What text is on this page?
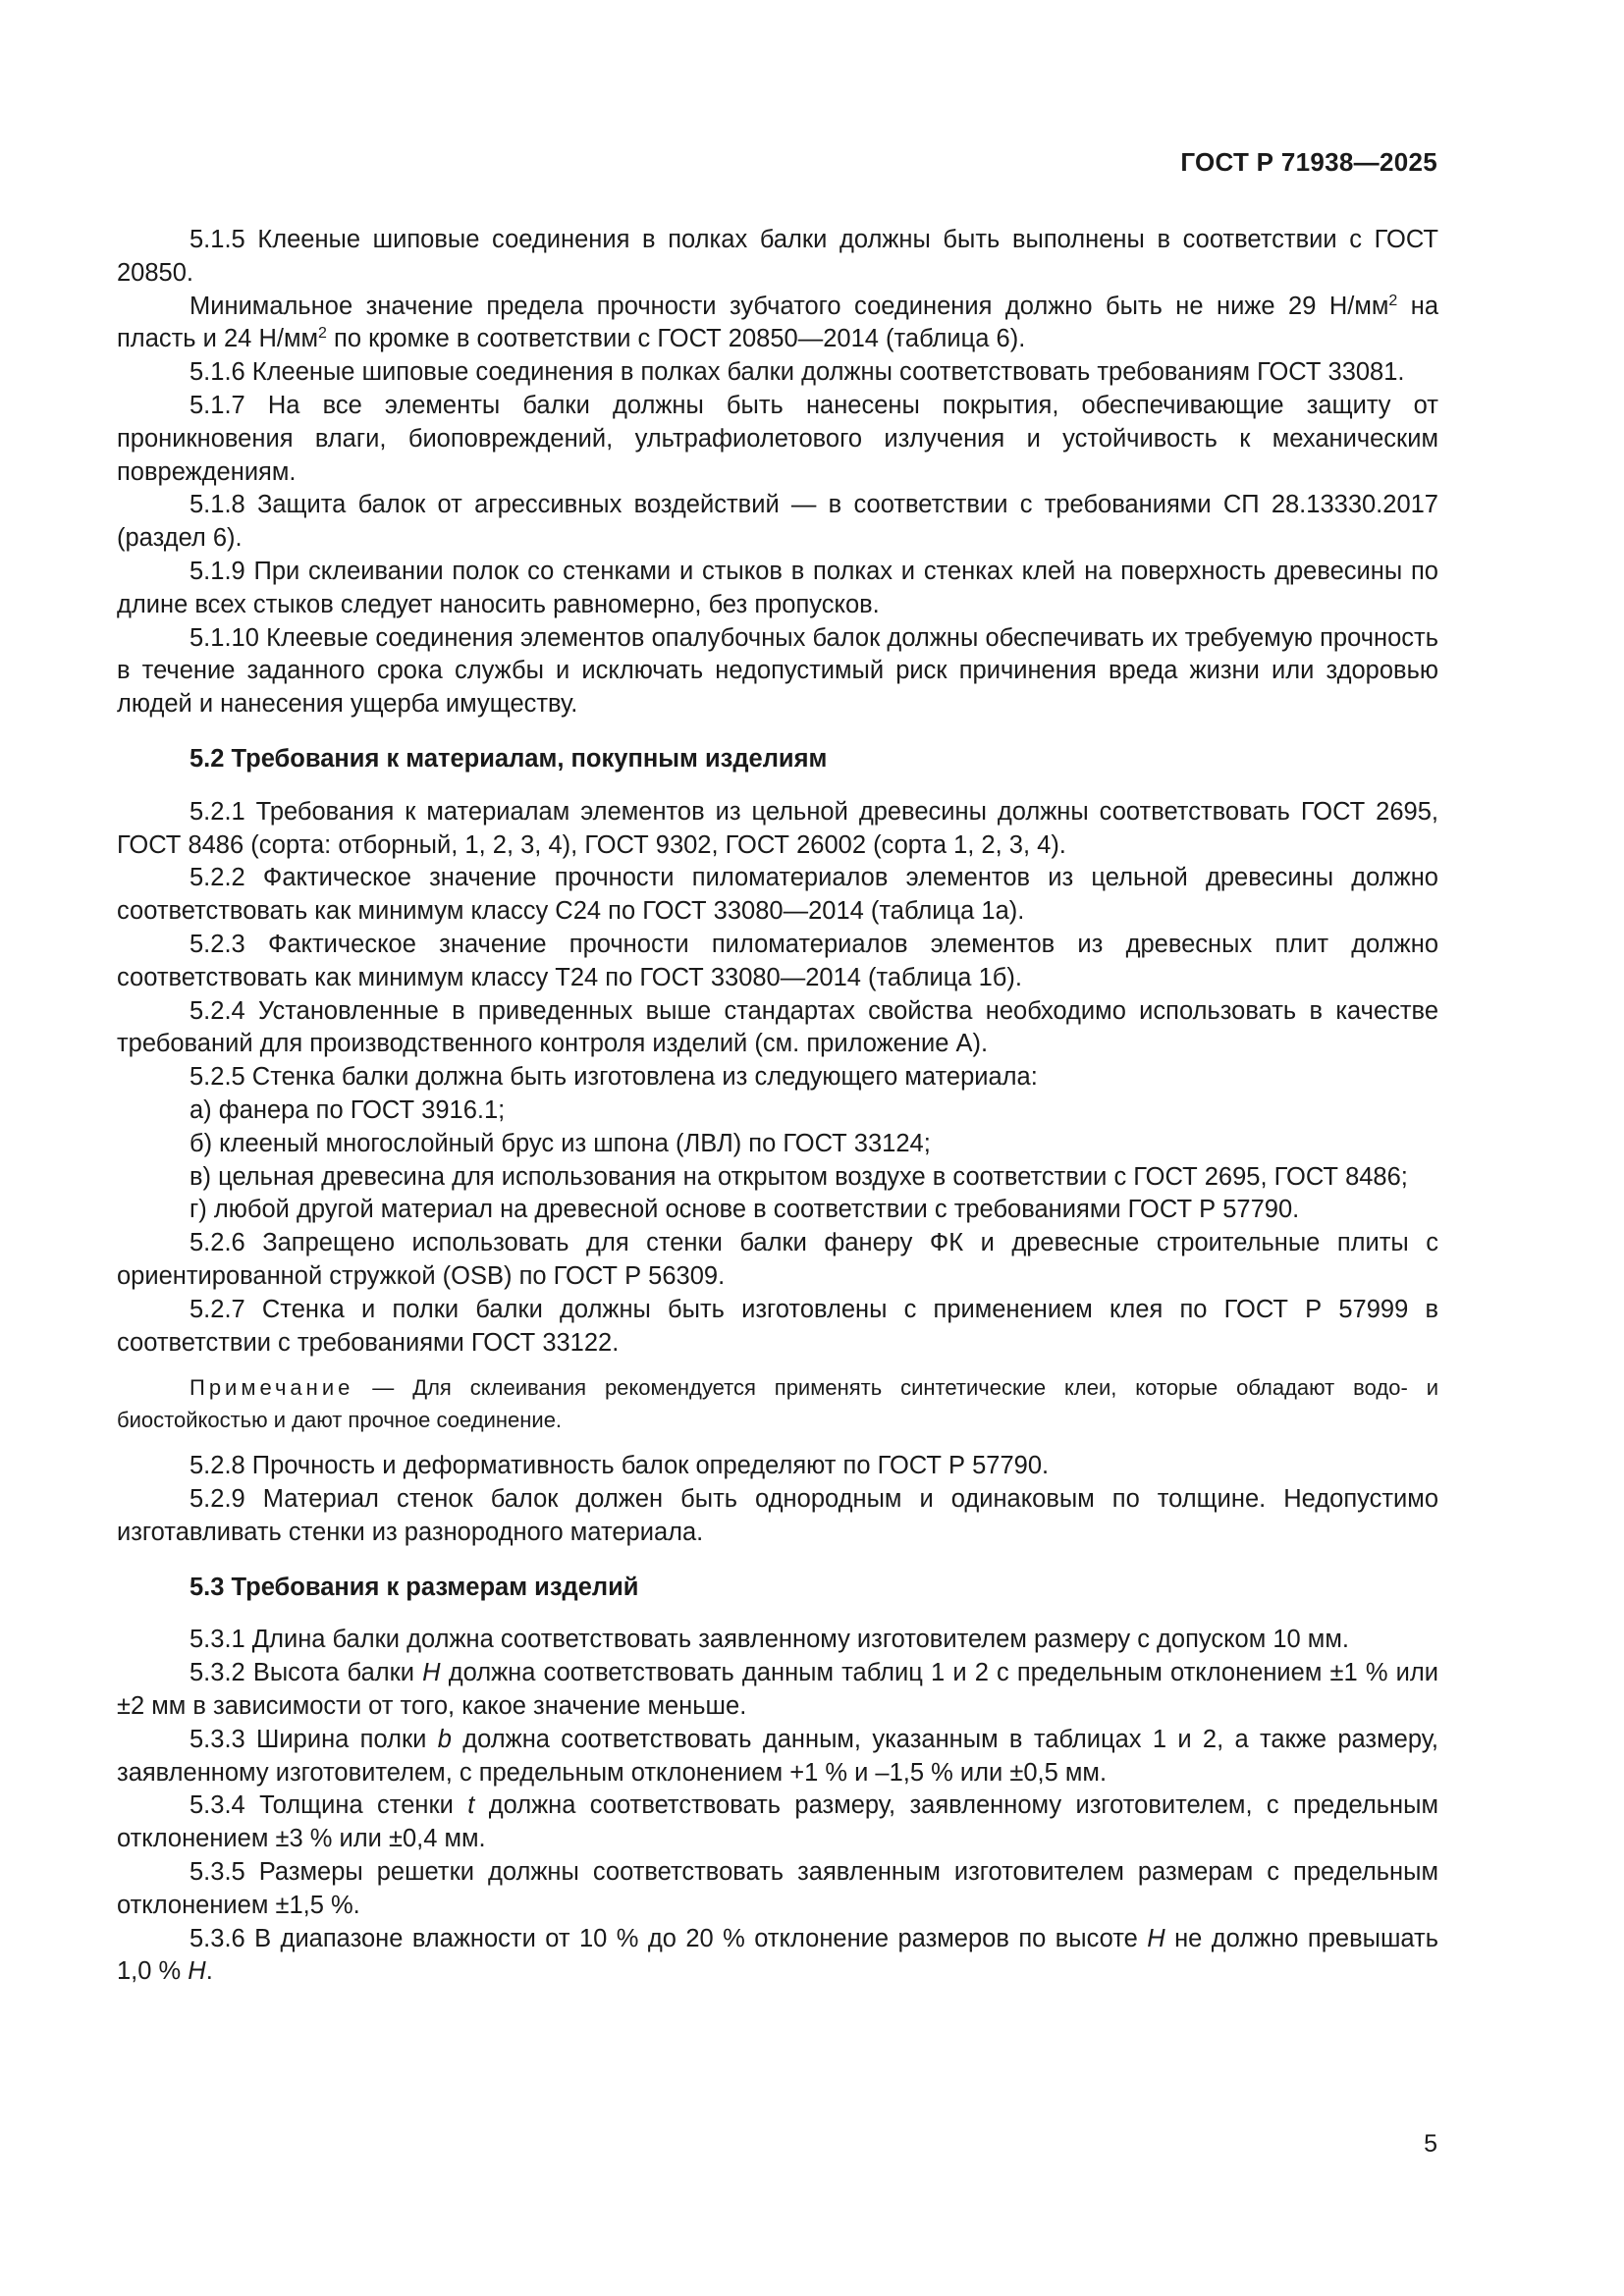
ГОСТ Р 71938—2025

5.1.5 Клееные шиповые соединения в полках балки должны быть выполнены в соответствии с ГОСТ 20850.

Минимальное значение предела прочности зубчатого соединения должно быть не ниже 29 $Н/мм^2$ на пласть и 24 $Н/мм^2$ по кромке в соответствии с ГОСТ 20850—2014 (таблица 6).

5.1.6 Клееные шиповые соединения в полках балки должны соответствовать требованиям ГОСТ 33081.

5.1.7 На все элементы балки должны быть нанесены покрытия, обеспечивающие защиту от проникновения влаги, биоповреждений, ультрафиолетового излучения и устойчивость к механическим повреждениям.

5.1.8 Защита балок от агрессивных воздействий — в соответствии с требованиями СП 28.13330.2017 (раздел 6).

5.1.9 При склеивании полок со стенками и стыков в полках и стенках клей на поверхность древесины по длине всех стыков следует наносить равномерно, без пропусков.

5.1.10 Клеевые соединения элементов опалубочных балок должны обеспечивать их требуемую прочность в течение заданного срока службы и исключать недопустимый риск причинения вреда жизни или здоровью людей и нанесения ущерба имуществу.

5.2 Требования к материалам, покупным изделиям

5.2.1 Требования к материалам элементов из цельной древесины должны соответствовать ГОСТ 2695, ГОСТ 8486 (сорта: отборный, 1, 2, 3, 4), ГОСТ 9302, ГОСТ 26002 (сорта 1, 2, 3, 4).

5.2.2 Фактическое значение прочности пиломатериалов элементов из цельной древесины должно соответствовать как минимум классу С24 по ГОСТ 33080—2014 (таблица 1а).

5.2.3 Фактическое значение прочности пиломатериалов элементов из древесных плит должно соответствовать как минимум классу Т24 по ГОСТ 33080—2014 (таблица 1б).

5.2.4 Установленные в приведенных выше стандартах свойства необходимо использовать в качестве требований для производственного контроля изделий (см. приложение А).

5.2.5 Стенка балки должна быть изготовлена из следующего материала:

а) фанера по ГОСТ 3916.1;

б) клееный многослойный брус из шпона (ЛВЛ) по ГОСТ 33124;

в) цельная древесина для использования на открытом воздухе в соответствии с ГОСТ 2695, ГОСТ 8486;

г) любой другой материал на древесной основе в соответствии с требованиями ГОСТ Р 57790.

5.2.6 Запрещено использовать для стенки балки фанеру ФК и древесные строительные плиты с ориентированной стружкой (OSB) по ГОСТ Р 56309.

5.2.7 Стенка и полки балки должны быть изготовлены с применением клея по ГОСТ Р 57999 в соответствии с требованиями ГОСТ 33122.

Примечание — Для склеивания рекомендуется применять синтетические клеи, которые обладают водо- и биостойкостью и дают прочное соединение.

5.2.8 Прочность и деформативность балок определяют по ГОСТ Р 57790.

5.2.9 Материал стенок балок должен быть однородным и одинаковым по толщине. Недопустимо изготавливать стенки из разнородного материала.

5.3 Требования к размерам изделий

5.3.1 Длина балки должна соответствовать заявленному изготовителем размеру с допуском 10 мм.

5.3.2 Высота балки H должна соответствовать данным таблиц 1 и 2 с предельным отклонением ±1 % или ±2 мм в зависимости от того, какое значение меньше.

5.3.3 Ширина полки b должна соответствовать данным, указанным в таблицах 1 и 2, а также размеру, заявленному изготовителем, с предельным отклонением +1 % и –1,5 % или ±0,5 мм.

5.3.4 Толщина стенки t должна соответствовать размеру, заявленному изготовителем, с предельным отклонением ±3 % или ±0,4 мм.

5.3.5 Размеры решетки должны соответствовать заявленным изготовителем размерам с предельным отклонением ±1,5 %.

5.3.6 В диапазоне влажности от 10 % до 20 % отклонение размеров по высоте H не должно превышать 1,0 % H.

5
